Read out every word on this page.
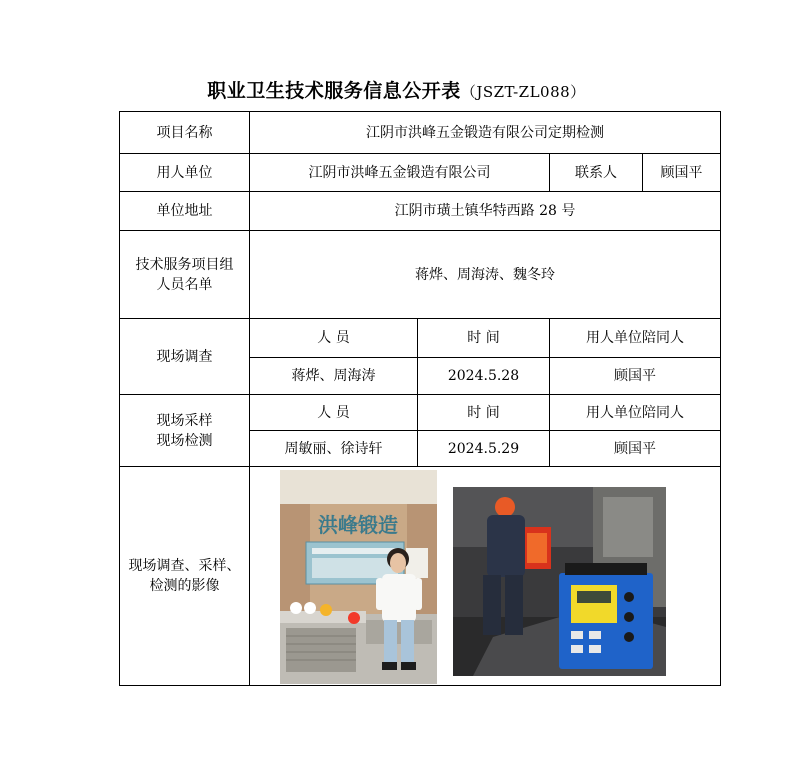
职业卫生技术服务信息公开表（JSZT-ZL088）
项目名称	江阴市洪峰五金锻造有限公司定期检测			
用人单位	江阴市洪峰五金锻造有限公司		联系人	顾国平
单位地址	江阴市璜土镇华特西路 28 号			
技术服务项目组
人员名单	蒋烨、周海涛、魏冬玲			
现场调查	人 员	时 间	用人单位陪同人	
	蒋烨、周海涛	2024.5.28	顾国平	
现场采样
现场检测	人 员	时 间	用人单位陪同人	
	周敏丽、徐诗轩	2024.5.29	顾国平	
现场调查、采样、
检测的影像				
洪峰锻造
